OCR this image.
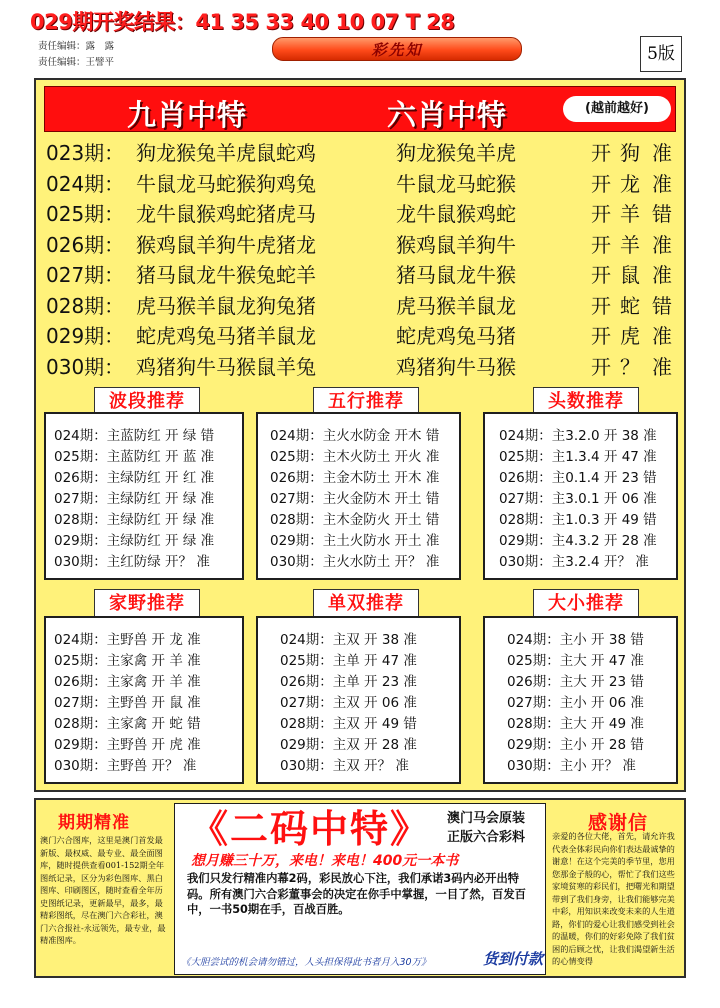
029期开奖结果：41 35 33 40 10 07 T 28
责任编辑：露　露
责任编辑：王譬平
彩先知	5版
九肖中特	六肖中特	(越前越好)
023期： 狗龙猴兔羊虎鼠蛇鸡	狗龙猴兔羊虎	开 狗准
024期： 牛鼠龙马蛇猴狗鸡兔	牛鼠龙马蛇猴	开 龙准
025期： 龙牛鼠猴鸡蛇猪虎马	龙牛鼠猴鸡蛇	开 羊错
026期： 猴鸡鼠羊狗牛虎猪龙	猴鸡鼠羊狗牛	开 羊准
027期： 猪马鼠龙牛猴兔蛇羊	猪马鼠龙牛猴	开 鼠准
028期： 虎马猴羊鼠龙狗兔猪	虎马猴羊鼠龙	开 蛇错
029期： 蛇虎鸡兔马猪羊鼠龙	蛇虎鸡兔马猪	开 虎准
030期： 鸡猪狗牛马猴鼠羊兔	鸡猪狗牛马猴	开 ？准
波段推荐	五行推荐	头数推荐
024期：主蓝防红 开 绿 错
025期：主蓝防红 开 蓝 准
026期：主绿防红 开 红 准
027期：主绿防红 开 绿 准
028期：主绿防红 开 绿 准
029期：主绿防红 开 绿 准
030期：主红防绿 开？ 准
024期：主火水防金 开木 错
025期：主木火防土 开火 准
026期：主金木防土 开木 准
027期：主火金防木 开土 错
028期：主木金防火 开土 错
029期：主土火防水 开土 准
030期：主火水防土 开？ 准
024期：主3.2.0 开 38 准
025期：主1.3.4 开 47 准
026期：主0.1.4 开 23 错
027期：主3.0.1 开 06 准
028期：主1.0.3 开 49 错
029期：主4.3.2 开 28 准
030期：主3.2.4 开？ 准
家野推荐	单双推荐	大小推荐
024期：主野兽 开 龙 准
025期：主家禽 开 羊 准
026期：主家禽 开 羊 准
027期：主野兽 开 鼠 准
028期：主家禽 开 蛇 错
029期：主野兽 开 虎 准
030期：主野兽 开？ 准
024期：主双 开 38 准
025期：主单 开 47 准
026期：主单 开 23 准
027期：主双 开 06 准
028期：主双 开 49 错
029期：主双 开 28 准
030期：主双 开？ 准
024期：主小 开 38 错
025期：主大 开 47 准
026期：主大 开 23 错
027期：主小 开 06 准
028期：主大 开 49 准
029期：主小 开 28 错
030期：主小 开？ 准
期期精准
澳门六合图库，这里是澳门首发最新版、最权威、最专业、最全面图库，随时提供查看001-152期全年图纸记录，区分为彩色图库、黑白图库、印刷图区，随时查看全年历史图纸记录，更新最早，最多，最精彩图纸，尽在澳门六合彩社，澳门六合报社-永远领先，最专业，最精准图库。
《二码中特》	澳门马会原装
正版六合彩料
想月赚三十万，来电！来电！400元一本书
我们只发行精准内幕2码，彩民放心下注，我们承诺3码内必开出特码。所有澳门六合彩董事会的决定在你手中掌握，一目了然，百发百中，一书50期在手，百战百胜。
《大胆尝试的机会请勿错过，人头担保得此书者月入30万》	货到付款
感谢信
亲爱的各位大佬，首先，请允许我代表全体彩民向你们表达最诚挚的谢意！在这个完美的季节里，您用您那金子般的心，帮忙了我们这些家境贫寒的彩民们，把曙光和期望带到了我们身旁，让我们能够完美中彩，用知识来改变未来的人生道路，你们的爱心让我们感受到社会的温暖，你们的好彩免除了我们贫困的后顾之忧，让我们渴望新生活的心情变得
